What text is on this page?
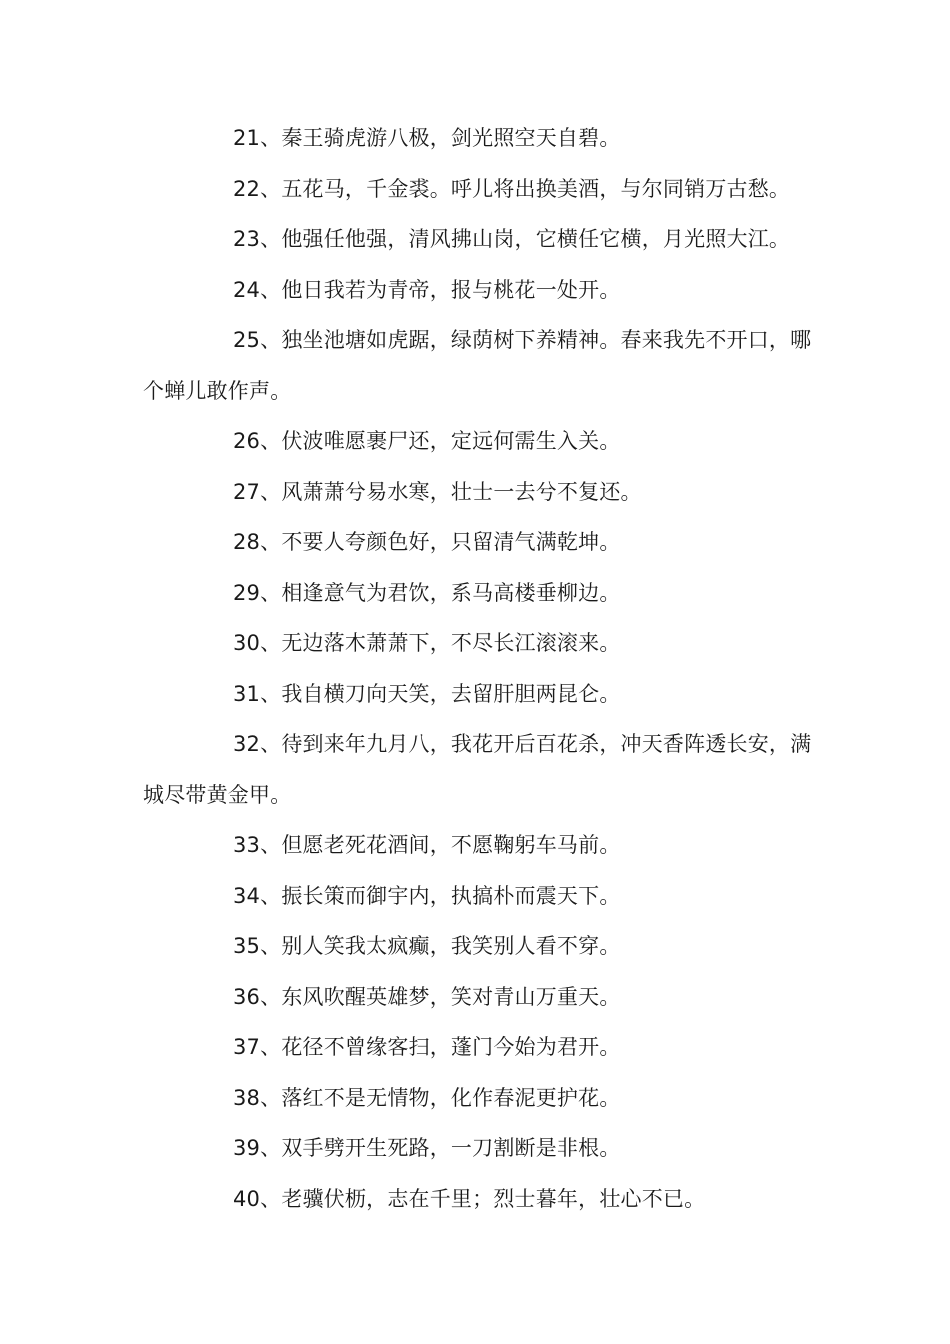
21、秦王骑虎游八极，剑光照空天自碧。
22、五花马，千金裘。呼儿将出换美酒，与尔同销万古愁。
23、他强任他强，清风拂山岗，它横任它横，月光照大江。
24、他日我若为青帝，报与桃花一处开。
25、独坐池塘如虎踞，绿荫树下养精神。春来我先不开口，哪个蝉儿敢作声。
26、伏波唯愿裹尸还，定远何需生入关。
27、风萧萧兮易水寒，壮士一去兮不复还。
28、不要人夸颜色好，只留清气满乾坤。
29、相逢意气为君饮，系马高楼垂柳边。
30、无边落木萧萧下，不尽长江滚滚来。
31、我自横刀向天笑，去留肝胆两昆仑。
32、待到来年九月八，我花开后百花杀，冲天香阵透长安，满城尽带黄金甲。
33、但愿老死花酒间，不愿鞠躬车马前。
34、振长策而御宇内，执搞朴而震天下。
35、别人笑我太疯癫，我笑别人看不穿。
36、东风吹醒英雄梦，笑对青山万重天。
37、花径不曾缘客扫，蓬门今始为君开。
38、落红不是无情物，化作春泥更护花。
39、双手劈开生死路，一刀割断是非根。
40、老骥伏枥，志在千里；烈士暮年，壮心不已。
